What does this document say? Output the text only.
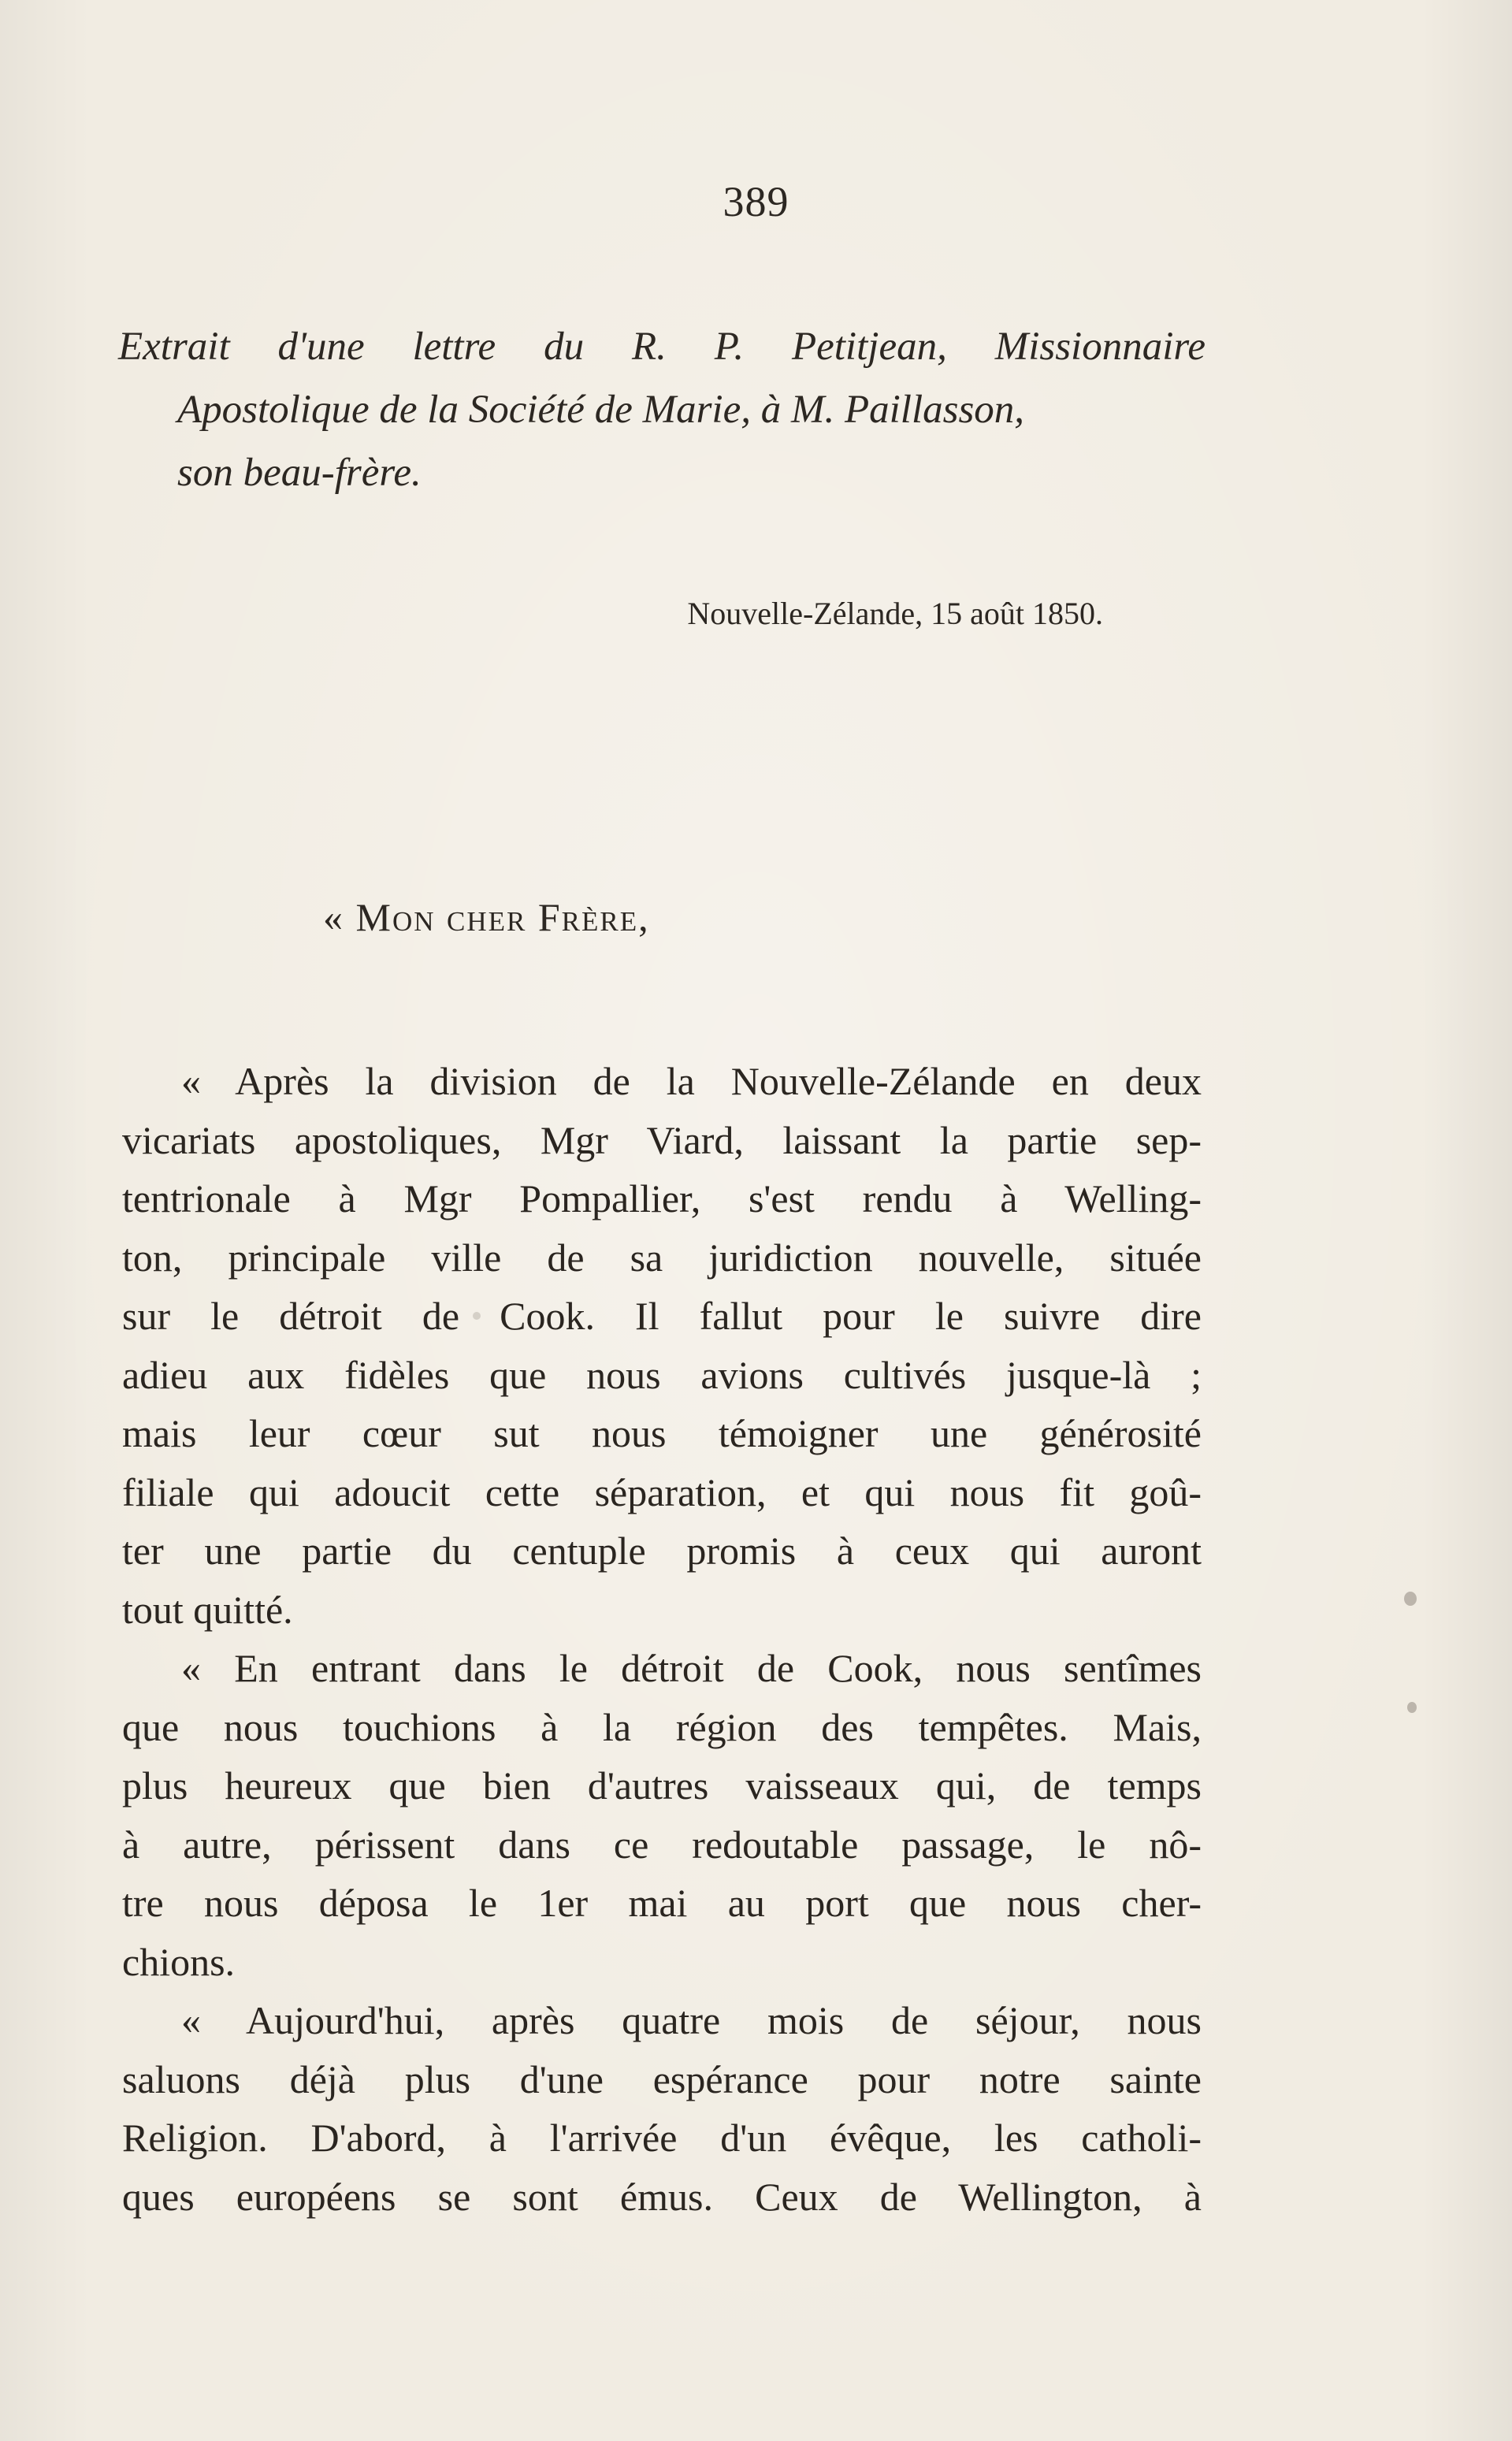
389
Extrait d'une lettre du R. P. Petitjean, Missionnaire
Apostolique de la Société de Marie, à M. Paillasson,
son beau-frère.
Nouvelle-Zélande, 15 août 1850.
« Mon cher Frère,
« Après la division de la Nouvelle-Zélande en deux
vicariats apostoliques, Mgr Viard, laissant la partie sep-
tentrionale à Mgr Pompallier, s'est rendu à Welling-
ton, principale ville de sa juridiction nouvelle, située
sur le détroit de Cook. Il fallut pour le suivre dire
adieu aux fidèles que nous avions cultivés jusque-là ;
mais leur cœur sut nous témoigner une générosité
filiale qui adoucit cette séparation, et qui nous fit goû-
ter une partie du centuple promis à ceux qui auront
tout quitté.
« En entrant dans le détroit de Cook, nous sentîmes
que nous touchions à la région des tempêtes. Mais,
plus heureux que bien d'autres vaisseaux qui, de temps
à autre, périssent dans ce redoutable passage, le nô-
tre nous déposa le 1er mai au port que nous cher-
chions.
« Aujourd'hui, après quatre mois de séjour, nous
saluons déjà plus d'une espérance pour notre sainte
Religion. D'abord, à l'arrivée d'un évêque, les catholi-
ques européens se sont émus. Ceux de Wellington, à
